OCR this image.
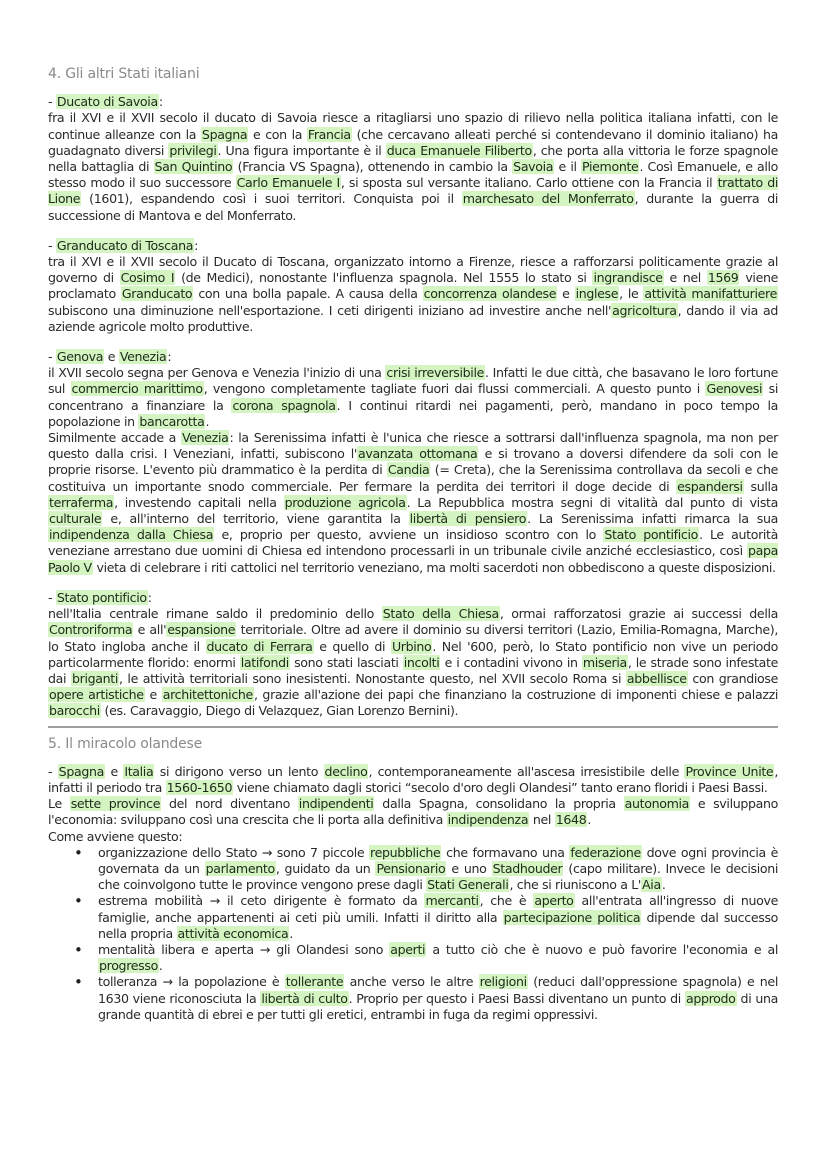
4. Gli altri Stati italiani

- Ducato di Savoia:

fra il XVI e il XVII secolo il ducato di Savoia riesce a ritagliarsi uno spazio di rilievo nella politica italiana infatti, con le continue alleanze con la Spagna e con la Francia (che cercavano alleati perché si contendevano il dominio italiano) ha guadagnato diversi privilegi. Una figura importante è il duca Emanuele Filiberto, che porta alla vittoria le forze spagnole nella battaglia di San Quintino (Francia VS Spagna), ottenendo in cambio la Savoia e il Piemonte. Così Emanuele, e allo stesso modo il suo successore Carlo Emanuele I, si sposta sul versante italiano. Carlo ottiene con la Francia il trattato di Lione (1601), espandendo così i suoi territori. Conquista poi il marchesato del Monferrato, durante la guerra di successione di Mantova e del Monferrato.

- Granducato di Toscana:

tra il XVI e il XVII secolo il Ducato di Toscana, organizzato intorno a Firenze, riesce a rafforzarsi politicamente grazie al governo di Cosimo I (de Medici), nonostante l'influenza spagnola. Nel 1555 lo stato si ingrandisce e nel 1569 viene proclamato Granducato con una bolla papale. A causa della concorrenza olandese e inglese, le attività manifatturiere subiscono una diminuzione nell'esportazione. I ceti dirigenti iniziano ad investire anche nell'agricoltura, dando il via ad aziende agricole molto produttive.

- Genova e Venezia:

il XVII secolo segna per Genova e Venezia l'inizio di una crisi irreversibile. Infatti le due città, che basavano le loro fortune sul commercio marittimo, vengono completamente tagliate fuori dai flussi commerciali. A questo punto i Genovesi si concentrano a finanziare la corona spagnola. I continui ritardi nei pagamenti, però, mandano in poco tempo la popolazione in bancarotta.

Similmente accade a Venezia: la Serenissima infatti è l'unica che riesce a sottrarsi dall'influenza spagnola, ma non per questo dalla crisi. I Veneziani, infatti, subiscono l'avanzata ottomana e si trovano a doversi difendere da soli con le proprie risorse. L'evento più drammatico è la perdita di Candia (= Creta), che la Serenissima controllava da secoli e che costituiva un importante snodo commerciale. Per fermare la perdita dei territori il doge decide di espandersi sulla terraferma, investendo capitali nella produzione agricola. La Repubblica mostra segni di vitalità dal punto di vista culturale e, all'interno del territorio, viene garantita la libertà di pensiero. La Serenissima infatti rimarca la sua indipendenza dalla Chiesa e, proprio per questo, avviene un insidioso scontro con lo Stato pontificio. Le autorità veneziane arrestano due uomini di Chiesa ed intendono processarli in un tribunale civile anziché ecclesiastico, così papa Paolo V vieta di celebrare i riti cattolici nel territorio veneziano, ma molti sacerdoti non obbediscono a queste disposizioni.

- Stato pontificio:

nell'Italia centrale rimane saldo il predominio dello Stato della Chiesa, ormai rafforzatosi grazie ai successi della Controriforma e all'espansione territoriale. Oltre ad avere il dominio su diversi territori (Lazio, Emilia-Romagna, Marche), lo Stato ingloba anche il ducato di Ferrara e quello di Urbino. Nel '600, però, lo Stato pontificio non vive un periodo particolarmente florido: enormi latifondi sono stati lasciati incolti e i contadini vivono in miseria, le strade sono infestate dai briganti, le attività territoriali sono inesistenti. Nonostante questo, nel XVII secolo Roma si abbellisce con grandiose opere artistiche e architettoniche, grazie all'azione dei papi che finanziano la costruzione di imponenti chiese e palazzi barocchi (es. Caravaggio, Diego di Velazquez, Gian Lorenzo Bernini).

5. Il miracolo olandese

- Spagna e Italia si dirigono verso un lento declino, contemporaneamente all'ascesa irresistibile delle Province Unite, infatti il periodo tra 1560-1650 viene chiamato dagli storici “secolo d'oro degli Olandesi” tanto erano floridi i Paesi Bassi.

Le sette province del nord diventano indipendenti dalla Spagna, consolidano la propria autonomia e sviluppano l'economia: sviluppano così una crescita che li porta alla definitiva indipendenza nel 1648.

Come avviene questo:

• organizzazione dello Stato → sono 7 piccole repubbliche che formavano una federazione dove ogni provincia è governata da un parlamento, guidato da un Pensionario e uno Stadhouder (capo militare). Invece le decisioni che coinvolgono tutte le province vengono prese dagli Stati Generali, che si riuniscono a L'Aia.
• estrema mobilità → il ceto dirigente è formato da mercanti, che è aperto all'entrata all'ingresso di nuove famiglie, anche appartenenti ai ceti più umili. Infatti il diritto alla partecipazione politica dipende dal successo nella propria attività economica.
• mentalità libera e aperta → gli Olandesi sono aperti a tutto ciò che è nuovo e può favorire l'economia e al progresso.
• tolleranza → la popolazione è tollerante anche verso le altre religioni (reduci dall'oppressione spagnola) e nel 1630 viene riconosciuta la libertà di culto. Proprio per questo i Paesi Bassi diventano un punto di approdo di una grande quantità di ebrei e per tutti gli eretici, entrambi in fuga da regimi oppressivi.
